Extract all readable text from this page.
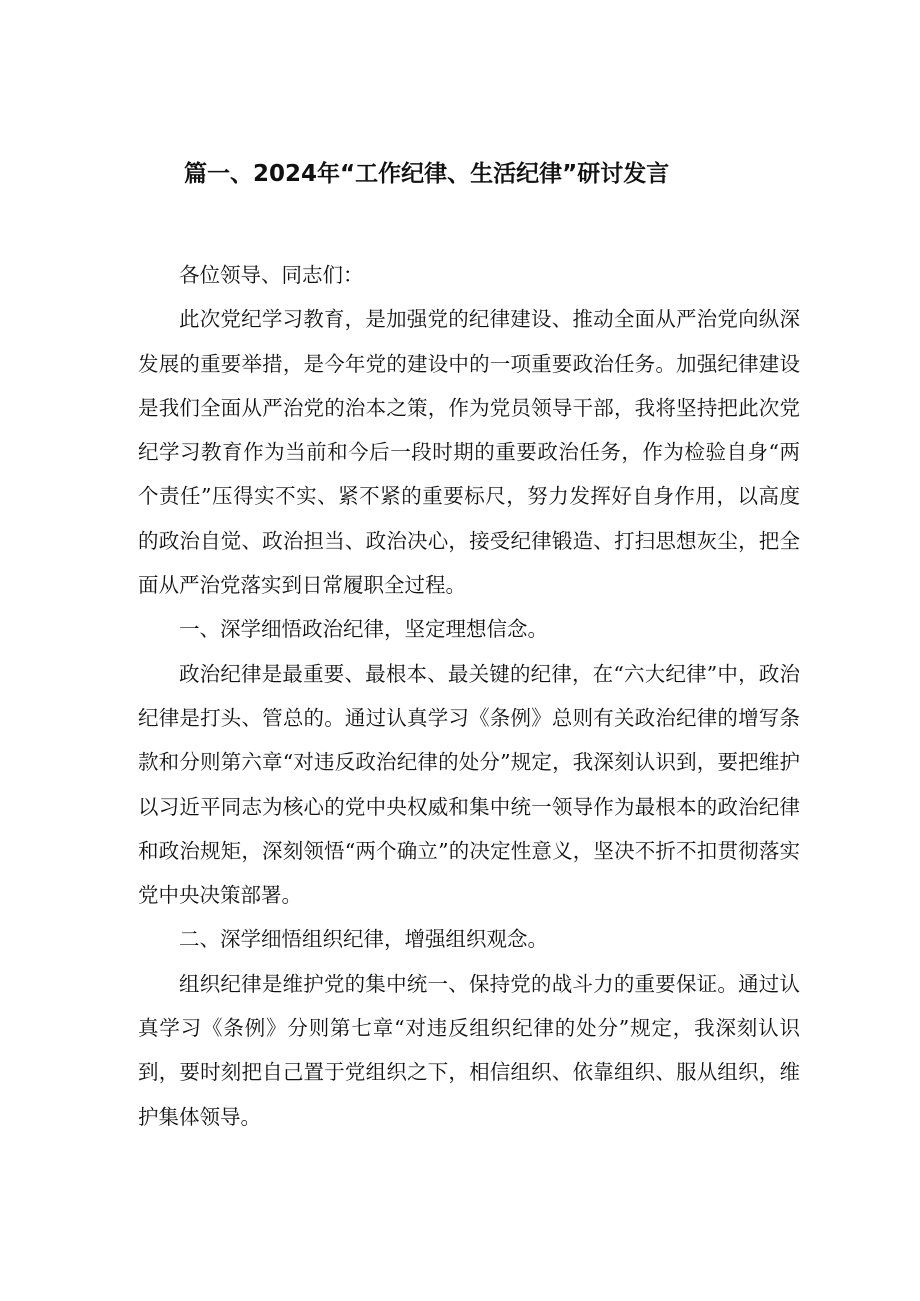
篇一、2024年“工作纪律、生活纪律”研讨发言

各位领导、同志们：

此次党纪学习教育，是加强党的纪律建设、推动全面从严治党向纵深发展的重要举措，是今年党的建设中的一项重要政治任务。加强纪律建设是我们全面从严治党的治本之策，作为党员领导干部，我将坚持把此次党纪学习教育作为当前和今后一段时期的重要政治任务，作为检验自身“两个责任”压得实不实、紧不紧的重要标尺，努力发挥好自身作用，以高度的政治自觉、政治担当、政治决心，接受纪律锻造、打扫思想灰尘，把全面从严治党落实到日常履职全过程。

一、深学细悟政治纪律，坚定理想信念。

政治纪律是最重要、最根本、最关键的纪律，在“六大纪律”中，政治纪律是打头、管总的。通过认真学习《条例》总则有关政治纪律的增写条款和分则第六章“对违反政治纪律的处分”规定，我深刻认识到，要把维护以习近平同志为核心的党中央权威和集中统一领导作为最根本的政治纪律和政治规矩，深刻领悟“两个确立”的决定性意义，坚决不折不扣贯彻落实党中央决策部署。

二、深学细悟组织纪律，增强组织观念。

组织纪律是维护党的集中统一、保持党的战斗力的重要保证。通过认真学习《条例》分则第七章“对违反组织纪律的处分”规定，我深刻认识到，要时刻把自己置于党组织之下，相信组织、依靠组织、服从组织，维护集体领导。
